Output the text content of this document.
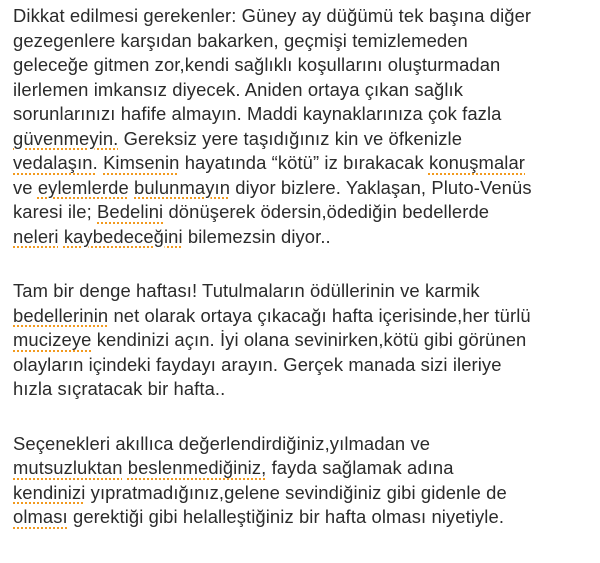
Dikkat edilmesi gerekenler: Güney ay düğümü tek başına diğer
gezegenlere karşıdan bakarken, geçmişi temizlemeden
geleceğe gitmen zor,kendi sağlıklı koşullarını oluşturmadan
ilerlemen imkansız diyecek. Aniden ortaya çıkan sağlık
sorunlarınızı hafife almayın. Maddi kaynaklarınıza çok fazla
güvenmeyin. Gereksiz yere taşıdığınız kin ve öfkenizle
vedalaşın. Kimsenin hayatında “kötü” iz bırakacak konuşmalar
ve eylemlerde bulunmayın diyor bizlere. Yaklaşan, Pluto-Venüs
karesi ile; Bedelini dönüşerek ödersin,ödediğin bedellerde
neleri kaybedeceğini bilemezsin diyor..
Tam bir denge haftası! Tutulmaların ödüllerinin ve karmik
bedellerinin net olarak ortaya çıkacağı hafta içerisinde,her türlü
mucizeye kendinizi açın. İyi olana sevinirken,kötü gibi görünen
olayların içindeki faydayı arayın. Gerçek manada sizi ileriye
hızla sıçratacak bir hafta..
Seçenekleri akıllıca değerlendirdiğiniz,yılmadan ve
mutsuzluktan beslenmediğiniz, fayda sağlamak adına
kendinizi yıpratmadığınız,gelene sevindiğiniz gibi gidenle de
olması gerektiği gibi helalleştiğiniz bir hafta olması niyetiyle.
